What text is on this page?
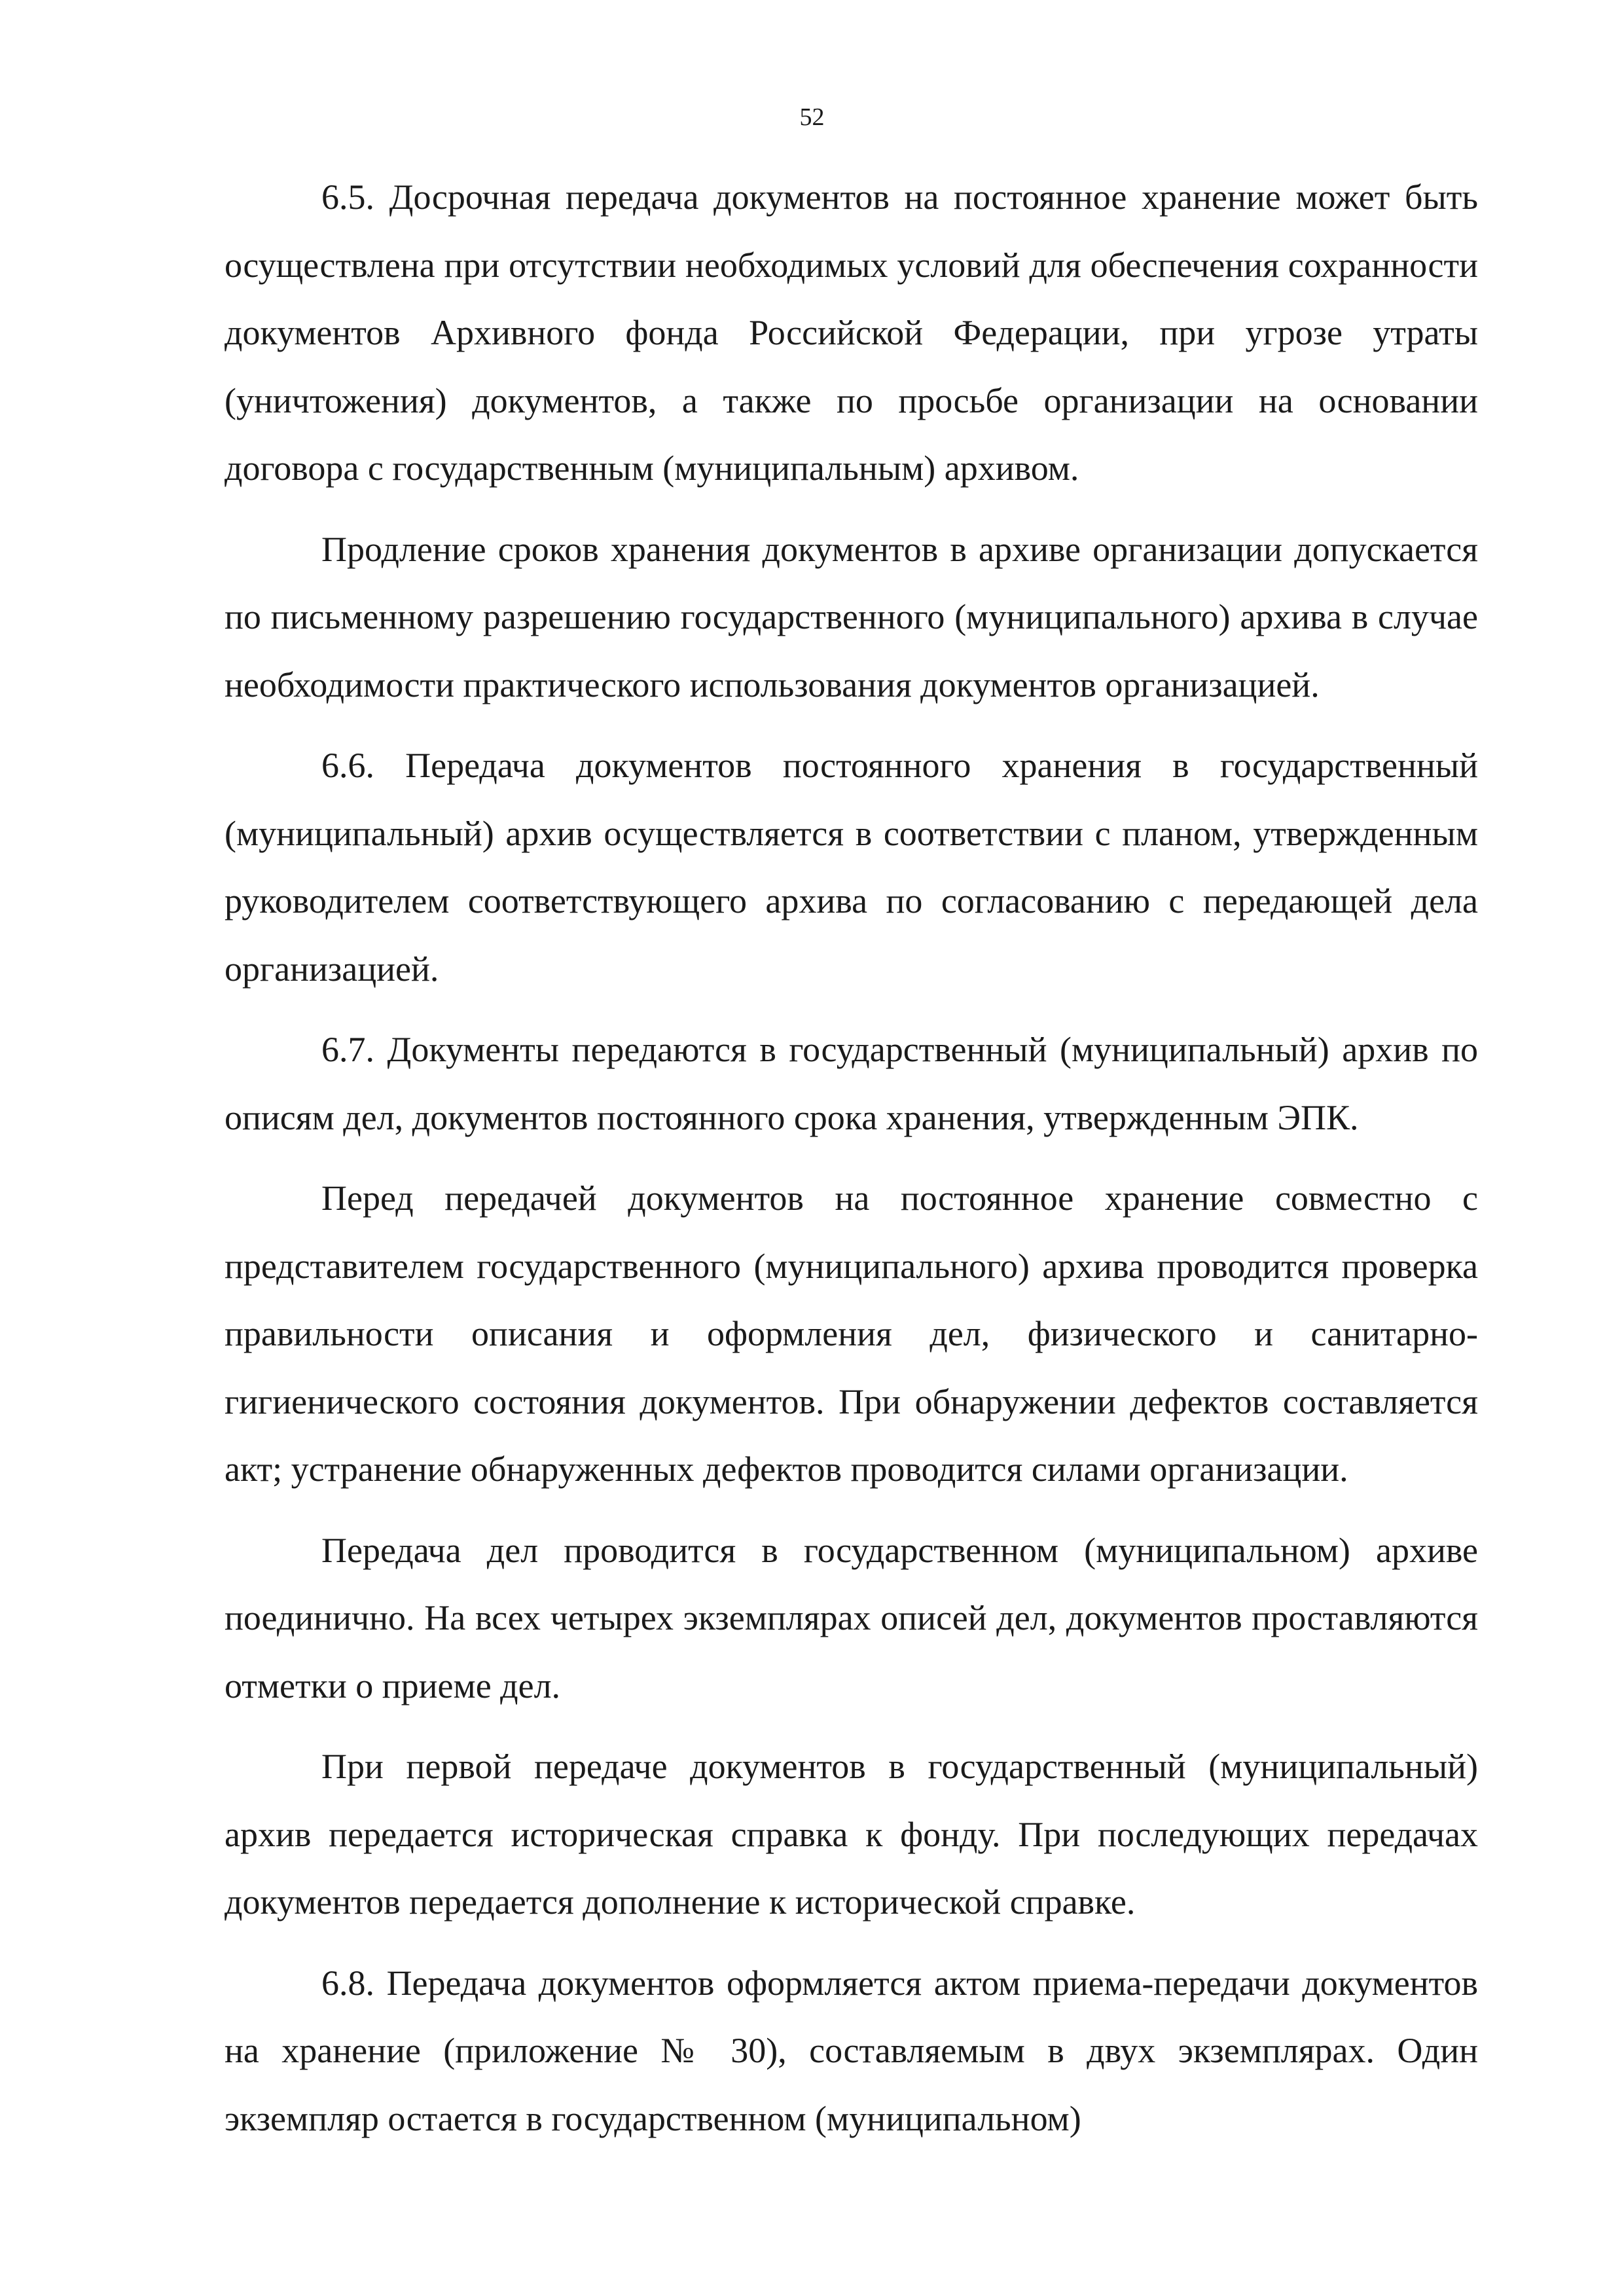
52

6.5. Досрочная передача документов на постоянное хранение может быть осуществлена при отсутствии необходимых условий для обеспечения сохранности документов Архивного фонда Российской Федерации, при угрозе утраты (уничтожения) документов, а также по просьбе организации на основании договора с государственным (муниципальным) архивом.

Продление сроков хранения документов в архиве организации допускается по письменному разрешению государственного (муниципального) архива в случае необходимости практического использования документов организацией.

6.6. Передача документов постоянного хранения в государственный (муниципальный) архив осуществляется в соответствии с планом, утвержденным руководителем соответствующего архива по согласованию с передающей дела организацией.

6.7. Документы передаются в государственный (муниципальный) архив по описям дел, документов постоянного срока хранения, утвержденным ЭПК.

Перед передачей документов на постоянное хранение совместно с представителем государственного (муниципального) архива проводится проверка правильности описания и оформления дел, физического и санитарно-гигиенического состояния документов. При обнаружении дефектов составляется акт; устранение обнаруженных дефектов проводится силами организации.

Передача дел проводится в государственном (муниципальном) архиве поединично. На всех четырех экземплярах описей дел, документов проставляются отметки о приеме дел.

При первой передаче документов в государственный (муниципальный) архив передается историческая справка к фонду. При последующих передачах документов передается дополнение к исторической справке.

6.8. Передача документов оформляется актом приема-передачи документов на хранение (приложение № 30), составляемым в двух экземплярах. Один экземпляр остается в государственном (муниципальном)
